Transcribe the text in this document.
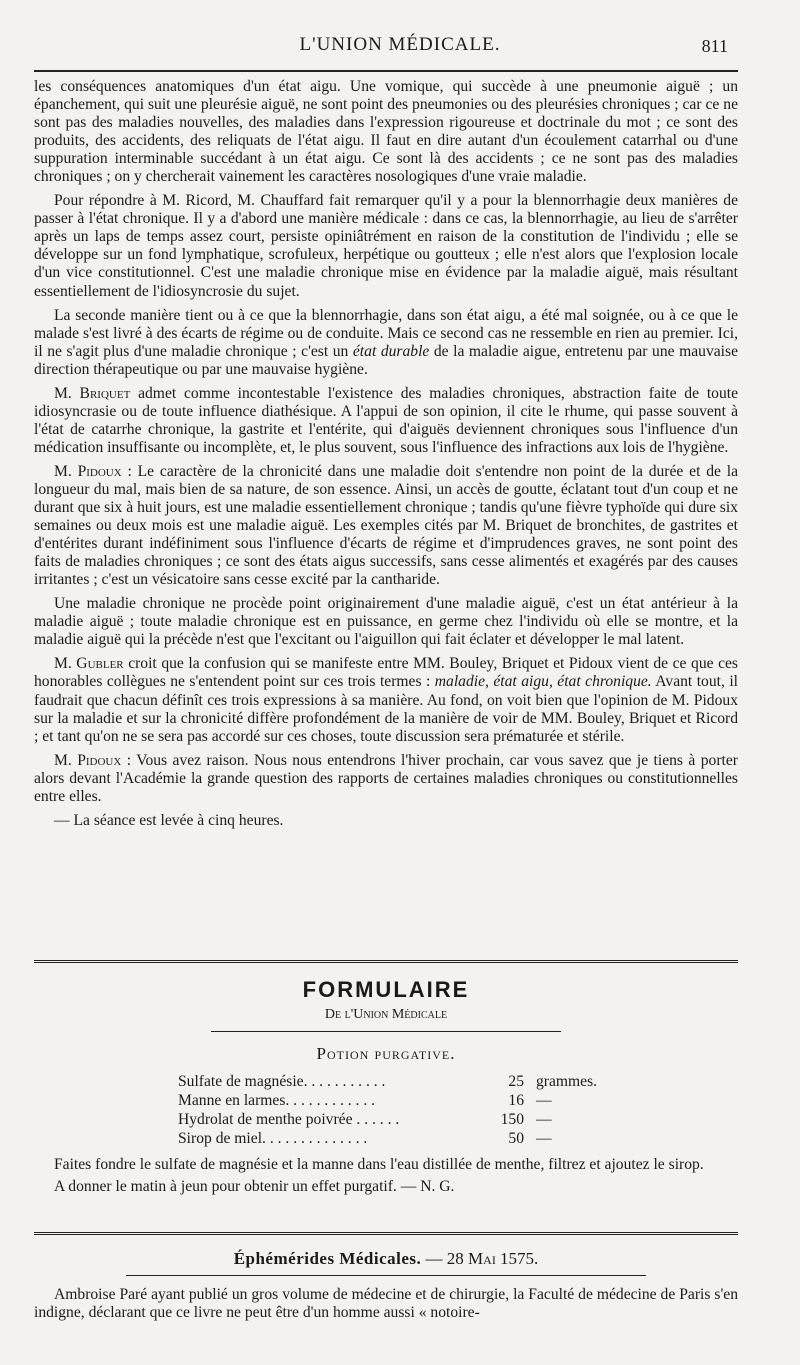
L'UNION MÉDICALE.	811

les conséquences anatomiques d'un état aigu. Une vomique, qui succède à une pneumonie aiguë ; un épanchement, qui suit une pleurésie aiguë, ne sont point des pneumonies ou des pleurésies chroniques ; car ce ne sont pas des maladies nouvelles, des maladies dans l'expression rigoureuse et doctrinale du mot ; ce sont des produits, des accidents, des reliquats de l'état aigu. Il faut en dire autant d'un écoulement catarrhal ou d'une suppuration interminable succédant à un état aigu. Ce sont là des accidents ; ce ne sont pas des maladies chroniques ; on y chercherait vainement les caractères nosologiques d'une vraie maladie.

Pour répondre à M. Ricord, M. Chauffard fait remarquer qu'il y a pour la blennorrhagie deux manières de passer à l'état chronique. Il y a d'abord une manière médicale : dans ce cas, la blennorrhagie, au lieu de s'arrêter après un laps de temps assez court, persiste opiniâtrément en raison de la constitution de l'individu ; elle se développe sur un fond lymphatique, scrofuleux, herpétique ou goutteux ; elle n'est alors que l'explosion locale d'un vice constitutionnel. C'est une maladie chronique mise en évidence par la maladie aiguë, mais résultant essentiellement de l'idiosyncrosie du sujet.

La seconde manière tient ou à ce que la blennorrhagie, dans son état aigu, a été mal soignée, ou à ce que le malade s'est livré à des écarts de régime ou de conduite. Mais ce second cas ne ressemble en rien au premier. Ici, il ne s'agit plus d'une maladie chronique ; c'est un état durable de la maladie aigue, entretenu par une mauvaise direction thérapeutique ou par une mauvaise hygiène.

M. Briquet admet comme incontestable l'existence des maladies chroniques, abstraction faite de toute idiosyncrasie ou de toute influence diathésique. A l'appui de son opinion, il cite le rhume, qui passe souvent à l'état de catarrhe chronique, la gastrite et l'entérite, qui d'aiguës deviennent chroniques sous l'influence d'un médication insuffisante ou incomplète, et, le plus souvent, sous l'influence des infractions aux lois de l'hygiène.

M. Pidoux : Le caractère de la chronicité dans une maladie doit s'entendre non point de la durée et de la longueur du mal, mais bien de sa nature, de son essence. Ainsi, un accès de goutte, éclatant tout d'un coup et ne durant que six à huit jours, est une maladie essentiellement chronique ; tandis qu'une fièvre typhoïde qui dure six semaines ou deux mois est une maladie aiguë. Les exemples cités par M. Briquet de bronchites, de gastrites et d'entérites durant indéfiniment sous l'influence d'écarts de régime et d'imprudences graves, ne sont point des faits de maladies chroniques ; ce sont des états aigus successifs, sans cesse alimentés et exagérés par des causes irritantes ; c'est un vésicatoire sans cesse excité par la cantharide.

Une maladie chronique ne procède point originairement d'une maladie aiguë, c'est un état antérieur à la maladie aiguë ; toute maladie chronique est en puissance, en germe chez l'individu où elle se montre, et la maladie aiguë qui la précède n'est que l'excitant ou l'aiguillon qui fait éclater et développer le mal latent.

M. Gubler croit que la confusion qui se manifeste entre MM. Bouley, Briquet et Pidoux vient de ce que ces honorables collègues ne s'entendent point sur ces trois termes : maladie, état aigu, état chronique. Avant tout, il faudrait que chacun définît ces trois expressions à sa manière. Au fond, on voit bien que l'opinion de M. Pidoux sur la maladie et sur la chronicité diffère profondément de la manière de voir de MM. Bouley, Briquet et Ricord ; et tant qu'on ne se sera pas accordé sur ces choses, toute discussion sera prématurée et stérile.

M. Pidoux : Vous avez raison. Nous nous entendrons l'hiver prochain, car vous savez que je tiens à porter alors devant l'Académie la grande question des rapports de certaines maladies chroniques ou constitutionnelles entre elles.

— La séance est levée à cinq heures.

FORMULAIRE
De l'Union Médicale
Potion purgative.
Sulfate de magnésie. . . . . . . . . . .	25 grammes.
Manne en larmes. . . . . . . . . . . .	16 —
Hydrolat de menthe poivrée . . . . . .	150 —
Sirop de miel. . . . . . . . . . . . . .	50 —

Faites fondre le sulfate de magnésie et la manne dans l'eau distillée de menthe, filtrez et ajoutez le sirop.

A donner le matin à jeun pour obtenir un effet purgatif. — N. G.

Éphémérides Médicales. — 28 Mai 1575.

Ambroise Paré ayant publié un gros volume de médecine et de chirurgie, la Faculté de médecine de Paris s'en indigne, déclarant que ce livre ne peut être d'un homme aussi « notoire-
